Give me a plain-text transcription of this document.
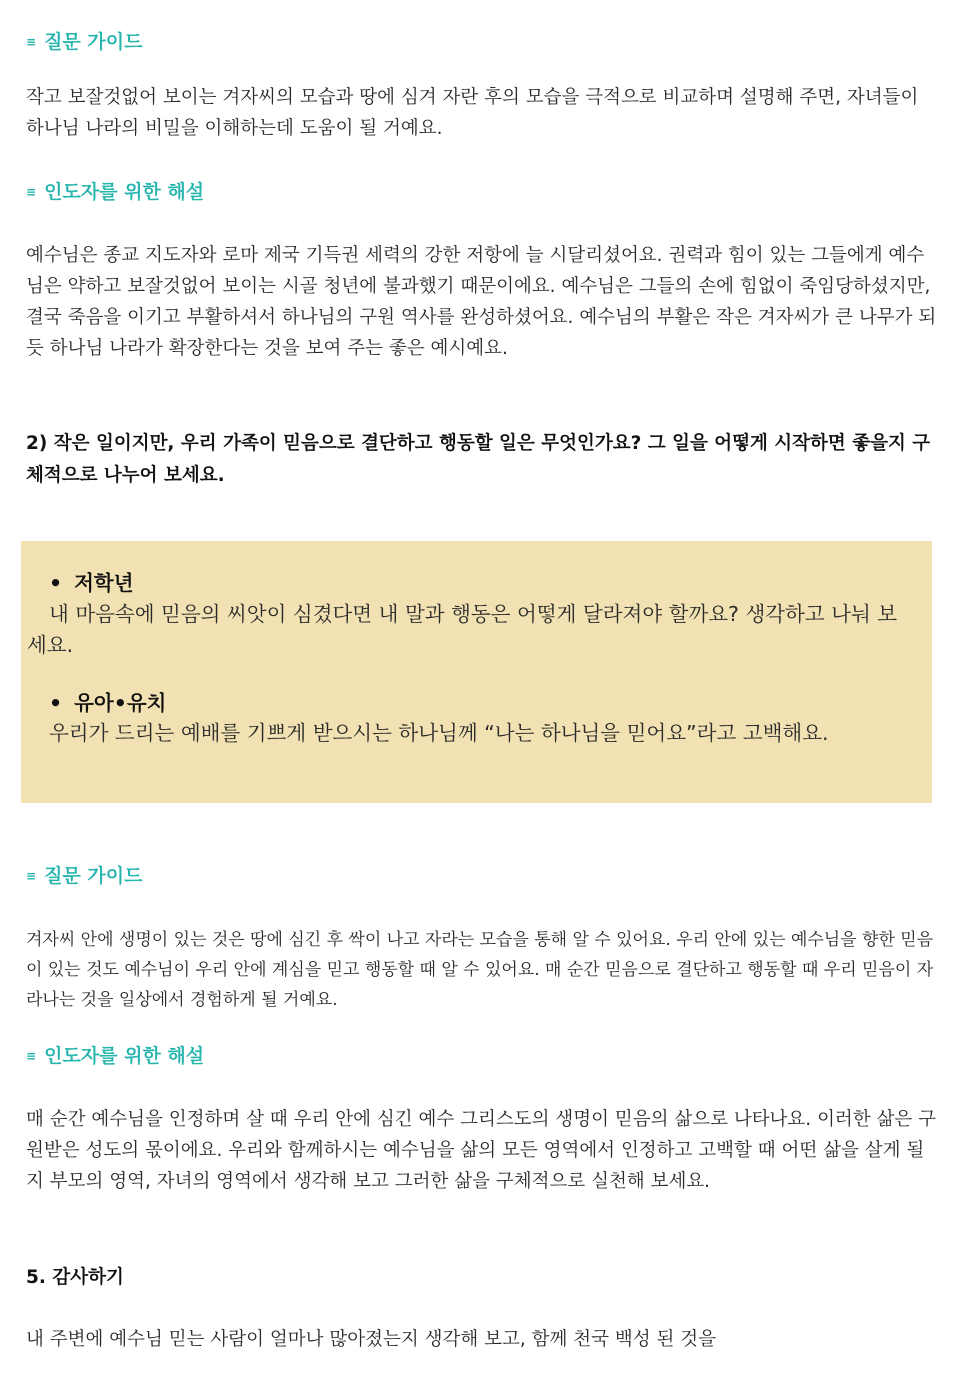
≡ 질문 가이드
작고 보잘것없어 보이는 겨자씨의 모습과 땅에 심겨 자란 후의 모습을 극적으로 비교하며 설명해 주면, 자녀들이 하나님 나라의 비밀을 이해하는데 도움이 될 거예요.
≡ 인도자를 위한 해설
예수님은 종교 지도자와 로마 제국 기득권 세력의 강한 저항에 늘 시달리셨어요. 권력과 힘이 있는 그들에게 예수님은 약하고 보잘것없어 보이는 시골 청년에 불과했기 때문이에요. 예수님은 그들의 손에 힘없이 죽임당하셨지만, 결국 죽음을 이기고 부활하셔서 하나님의 구원 역사를 완성하셨어요. 예수님의 부활은 작은 겨자씨가 큰 나무가 되듯 하나님 나라가 확장한다는 것을 보여 주는 좋은 예시예요.
2) 작은 일이지만, 우리 가족이 믿음으로 결단하고 행동할 일은 무엇인가요? 그 일을 어떻게 시작하면 좋을지 구체적으로 나누어 보세요.
• 저학년
내 마음속에 믿음의 씨앗이 심겼다면 내 말과 행동은 어떻게 달라져야 할까요? 생각하고 나눠 보세요.
• 유아•유치
우리가 드리는 예배를 기쁘게 받으시는 하나님께 “나는 하나님을 믿어요”라고 고백해요.
≡ 질문 가이드
겨자씨 안에 생명이 있는 것은 땅에 심긴 후 싹이 나고 자라는 모습을 통해 알 수 있어요. 우리 안에 있는 예수님을 향한 믿음이 있는 것도 예수님이 우리 안에 계심을 믿고 행동할 때 알 수 있어요. 매 순간 믿음으로 결단하고 행동할 때 우리 믿음이 자라나는 것을 일상에서 경험하게 될 거예요.
≡ 인도자를 위한 해설
매 순간 예수님을 인정하며 살 때 우리 안에 심긴 예수 그리스도의 생명이 믿음의 삶으로 나타나요. 이러한 삶은 구원받은 성도의 몫이에요. 우리와 함께하시는 예수님을 삶의 모든 영역에서 인정하고 고백할 때 어떤 삶을 살게 될지 부모의 영역, 자녀의 영역에서 생각해 보고 그러한 삶을 구체적으로 실천해 보세요.
5. 감사하기
내 주변에 예수님 믿는 사람이 얼마나 많아졌는지 생각해 보고, 함께 천국 백성 된 것을
